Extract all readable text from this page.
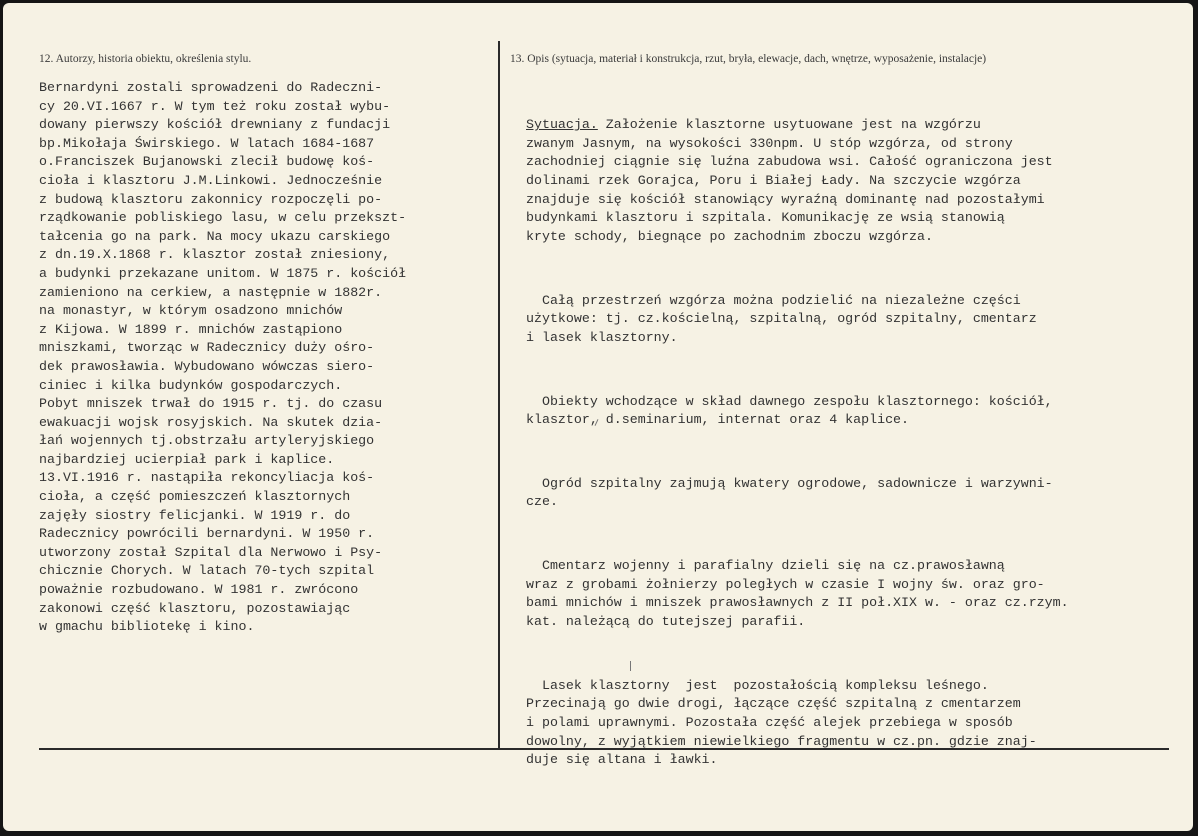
12. Autorzy, historia obiektu, określenia stylu.	13. Opis (sytuacja, materiał i konstrukcja, rzut, bryła, elewacje, dach, wnętrze, wyposażenie, instalacje)
Bernardyni zostali sprowadzeni do Radeczni-
cy 20.VI.1667 r. W tym też roku został wybu-
dowany pierwszy kościół drewniany z fundacji
bp.Mikołaja Świrskiego. W latach 1684-1687
o.Franciszek Bujanowski zlecił budowę koś-
cioła i klasztoru J.M.Linkowi. Jednocześnie
z budową klasztoru zakonnicy rozpoczęli po-
rządkowanie pobliskiego lasu, w celu przekszt-
tałcenia go na park. Na mocy ukazu carskiego
z dn.19.X.1868 r. klasztor został zniesiony,
a budynki przekazane unitom. W 1875 r. kościół
zamieniono na cerkiew, a następnie w 1882r.
na monastyr, w którym osadzono mnichów
z Kijowa. W 1899 r. mnichów zastąpiono
mniszkami, tworząc w Radecznicy duży ośro-
dek prawosławia. Wybudowano wówczas siero-
ciniec i kilka budynków gospodarczych.
Pobyt mniszek trwał do 1915 r. tj. do czasu
ewakuacji wojsk rosyjskich. Na skutek dzia-
łań wojennych tj.obstrzału artyleryjskiego
najbardziej ucierpiał park i kaplice.
13.VI.1916 r. nastąpiła rekoncyliacja koś-
cioła, a część pomieszczeń klasztornych
zajęły siostry felicjanki. W 1919 r. do
Radecznicy powrócili bernardyni. W 1950 r.
utworzony został Szpital dla Nerwowo i Psy-
chicznie Chorych. W latach 70-tych szpital
poważnie rozbudowano. W 1981 r. zwrócono
zakonowi część klasztoru, pozostawiając
w gmachu bibliotekę i kino.

Sytuacja. Założenie klasztorne usytuowane jest na wzgórzu
zwanym Jasnym, na wysokości 330npm. U stóp wzgórza, od strony
zachodniej ciągnie się luźna zabudowa wsi. Całość ograniczona jest
dolinami rzek Gorajca, Poru i Białej Łady. Na szczycie wzgórza
znajduje się kościół stanowiący wyraźną dominantę nad pozostałymi
budynkami klasztoru i szpitala. Komunikację ze wsią stanowią
kryte schody, biegnące po zachodnim zboczu wzgórza.

Całą przestrzeń wzgórza można podzielić na niezależne części
użytkowe: tj. cz.kościelną, szpitalną, ogród szpitalny, cmentarz
i lasek klasztorny.

Obiekty wchodzące w skład dawnego zespołu klasztornego: kościół,
klasztor, d.seminarium, internat oraz 4 kaplice.

Ogród szpitalny zajmują kwatery ogrodowe, sadownicze i warzywni-
cze.

Cmentarz wojenny i parafialny dzieli się na cz.prawosławną
wraz z grobami żołnierzy poległych w czasie I wojny św. oraz gro-
bami mnichów i mniszek prawosławnych z II poł.XIX w. - oraz cz.rzym.
kat. należącą do tutejszej parafii.

Lasek klasztorny  jest  pozostałością kompleksu leśnego.
Przecinają go dwie drogi, łączące część szpitalną z cmentarzem
i polami uprawnymi. Pozostała część alejek przebiega w sposób
dowolny, z wyjątkiem niewielkiego fragmentu w cz.pn. gdzie znaj-
duje się altana i ławki.
